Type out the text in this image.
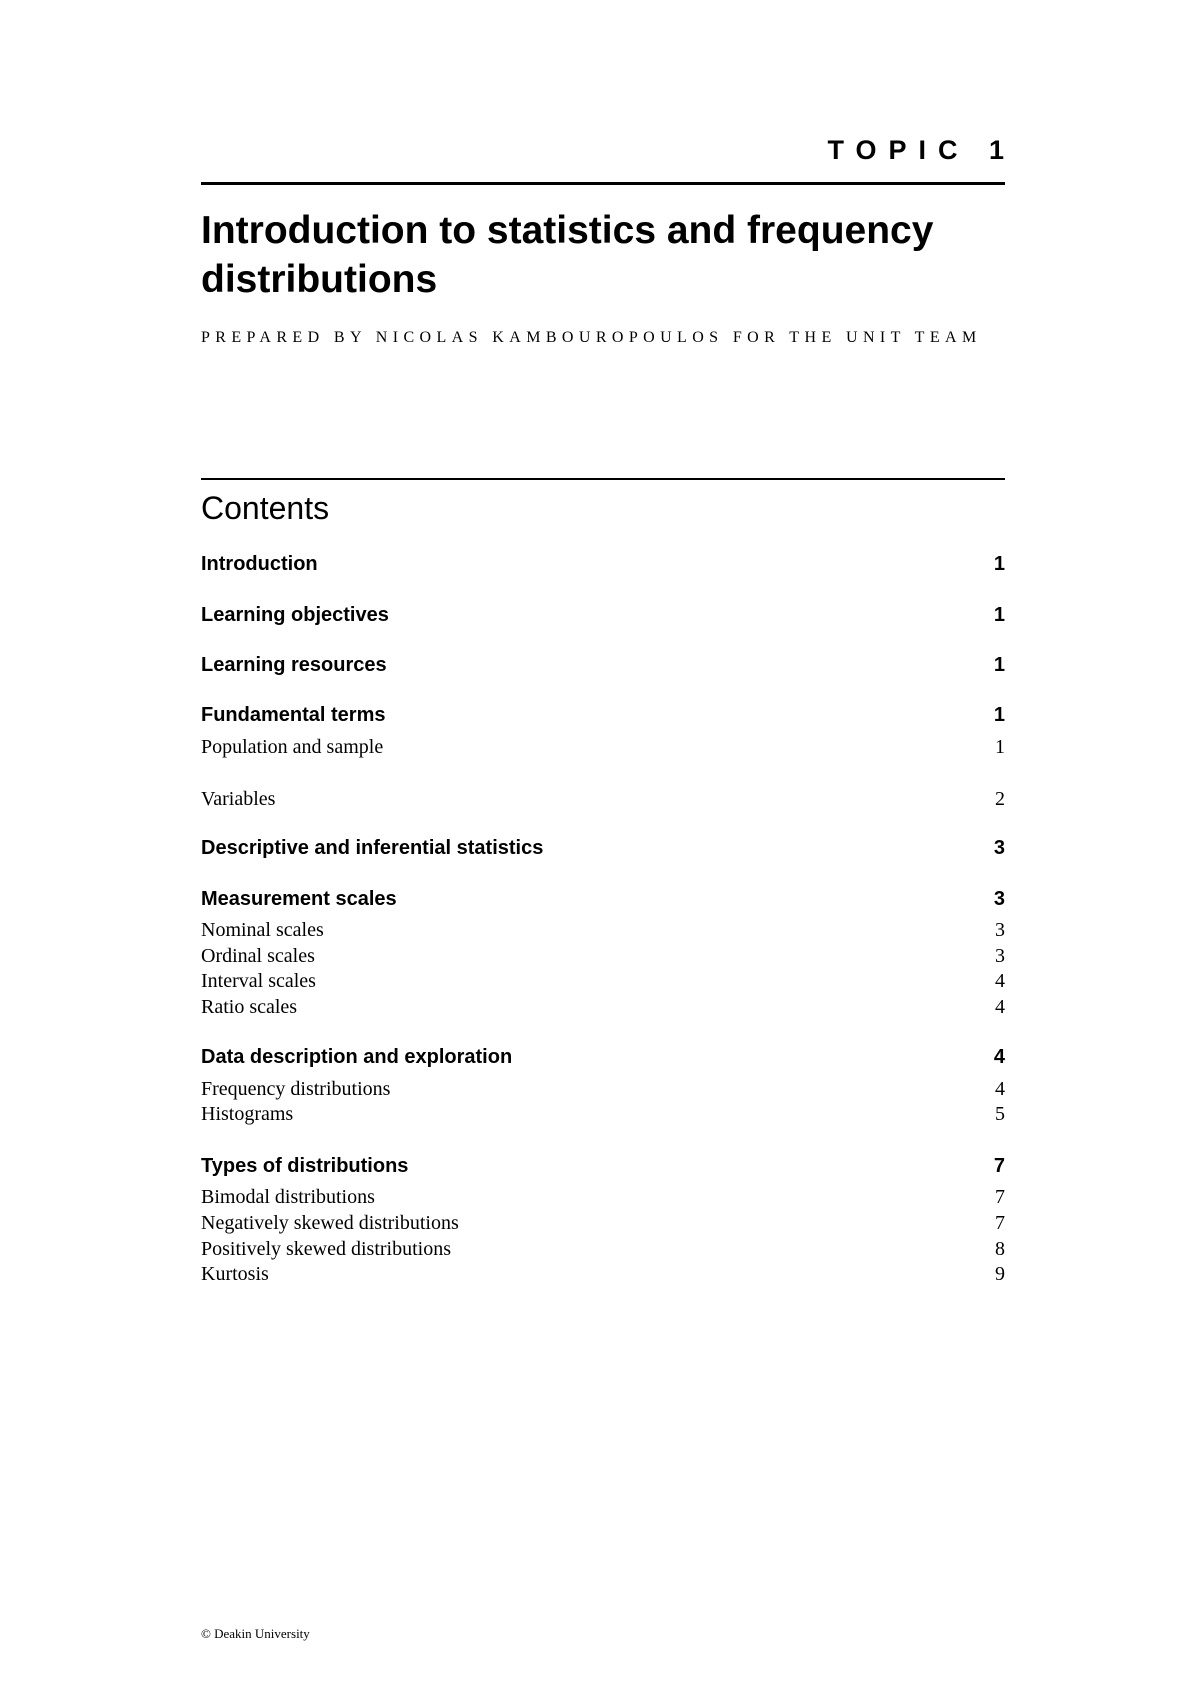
TOPIC 1
Introduction to statistics and frequency distributions
PREPARED BY NICOLAS KAMBOUROPOULOS FOR THE UNIT TEAM
Contents
Introduction	1
Learning objectives	1
Learning resources	1
Fundamental terms	1
Population and sample	1
Variables	2
Descriptive and inferential statistics	3
Measurement scales	3
Nominal scales	3
Ordinal scales	3
Interval scales	4
Ratio scales	4
Data description and exploration	4
Frequency distributions	4
Histograms	5
Types of distributions	7
Bimodal distributions	7
Negatively skewed distributions	7
Positively skewed distributions	8
Kurtosis	9
© Deakin University
